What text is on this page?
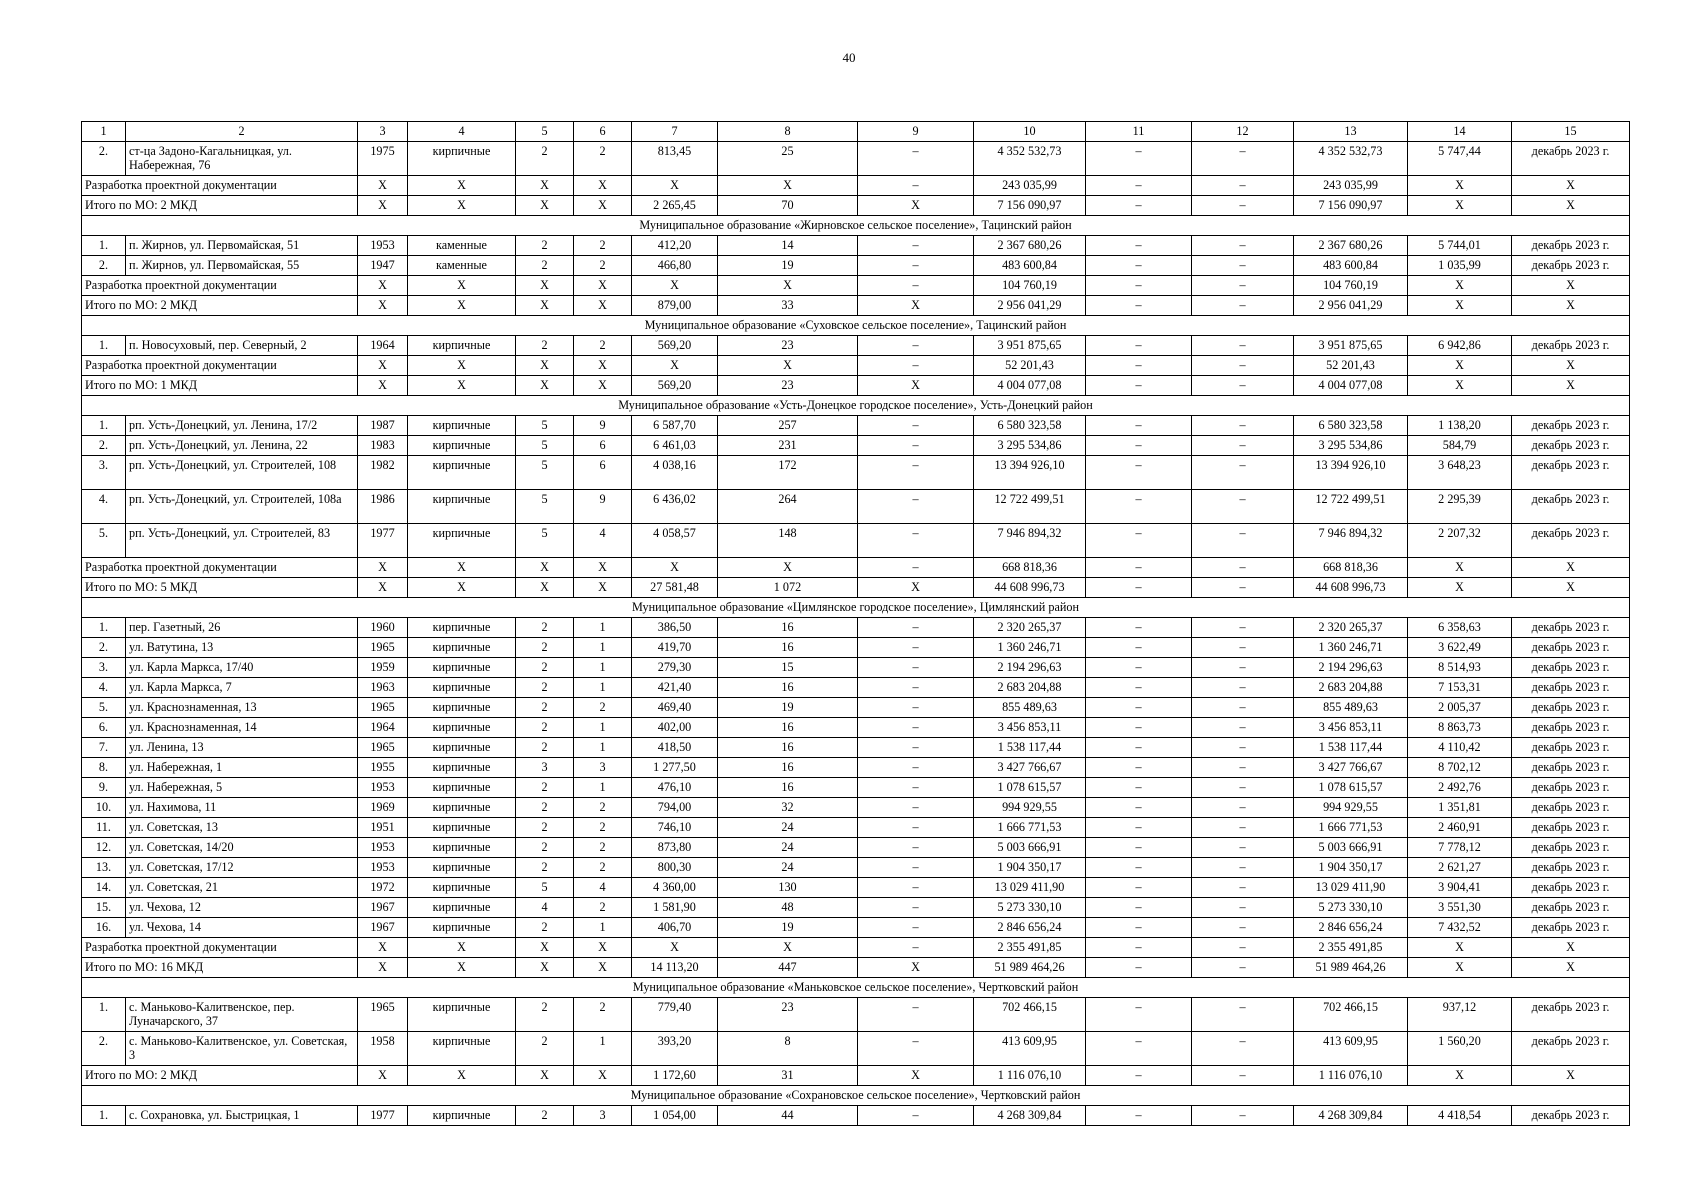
40
1	2	3	4	5	6	7	8	9	10	11	12	13	14	15
2.	ст-ца Задоно-Кагальницкая, ул. Набережная, 76	1975	кирпичные	2	2	813,45	25	–	4 352 532,73	–	–	4 352 532,73	5 747,44	декабрь 2023 г.
Разработка проектной документации		X	X	X	X	X	X	–	243 035,99	–	–	243 035,99	X	X
Итого по МО: 2 МКД		X	X	X	X	2 265,45	70	X	7 156 090,97	–	–	7 156 090,97	X	X
Муниципальное образование «Жирновское сельское поселение», Тацинский район														
1.	п. Жирнов, ул. Первомайская, 51	1953	каменные	2	2	412,20	14	–	2 367 680,26	–	–	2 367 680,26	5 744,01	декабрь 2023 г.
2.	п. Жирнов, ул. Первомайская, 55	1947	каменные	2	2	466,80	19	–	483 600,84	–	–	483 600,84	1 035,99	декабрь 2023 г.
Разработка проектной документации		X	X	X	X	X	X	–	104 760,19	–	–	104 760,19	X	X
Итого по МО: 2 МКД		X	X	X	X	879,00	33	X	2 956 041,29	–	–	2 956 041,29	X	X
Муниципальное образование «Суховское сельское поселение», Тацинский район														
1.	п. Новосуховый, пер. Северный, 2	1964	кирпичные	2	2	569,20	23	–	3 951 875,65	–	–	3 951 875,65	6 942,86	декабрь 2023 г.
Разработка проектной документации		X	X	X	X	X	X	–	52 201,43	–	–	52 201,43	X	X
Итого по МО: 1 МКД		X	X	X	X	569,20	23	X	4 004 077,08	–	–	4 004 077,08	X	X
Муниципальное образование «Усть-Донецкое городское поселение», Усть-Донецкий район														
1.	рп. Усть-Донецкий, ул. Ленина, 17/2	1987	кирпичные	5	9	6 587,70	257	–	6 580 323,58	–	–	6 580 323,58	1 138,20	декабрь 2023 г.
2.	рп. Усть-Донецкий, ул. Ленина, 22	1983	кирпичные	5	6	6 461,03	231	–	3 295 534,86	–	–	3 295 534,86	584,79	декабрь 2023 г.
3.	рп. Усть-Донецкий, ул. Строителей, 108	1982	кирпичные	5	6	4 038,16	172	–	13 394 926,10	–	–	13 394 926,10	3 648,23	декабрь 2023 г.
4.	рп. Усть-Донецкий, ул. Строителей, 108а	1986	кирпичные	5	9	6 436,02	264	–	12 722 499,51	–	–	12 722 499,51	2 295,39	декабрь 2023 г.
5.	рп. Усть-Донецкий, ул. Строителей, 83	1977	кирпичные	5	4	4 058,57	148	–	7 946 894,32	–	–	7 946 894,32	2 207,32	декабрь 2023 г.
Разработка проектной документации		X	X	X	X	X	X	–	668 818,36	–	–	668 818,36	X	X
Итого по МО: 5 МКД		X	X	X	X	27 581,48	1 072	X	44 608 996,73	–	–	44 608 996,73	X	X
Муниципальное образование «Цимлянское городское поселение», Цимлянский район														
1.	пер. Газетный, 26	1960	кирпичные	2	1	386,50	16	–	2 320 265,37	–	–	2 320 265,37	6 358,63	декабрь 2023 г.
2.	ул. Ватутина, 13	1965	кирпичные	2	1	419,70	16	–	1 360 246,71	–	–	1 360 246,71	3 622,49	декабрь 2023 г.
3.	ул. Карла Маркса, 17/40	1959	кирпичные	2	1	279,30	15	–	2 194 296,63	–	–	2 194 296,63	8 514,93	декабрь 2023 г.
4.	ул. Карла Маркса, 7	1963	кирпичные	2	1	421,40	16	–	2 683 204,88	–	–	2 683 204,88	7 153,31	декабрь 2023 г.
5.	ул. Краснознаменная, 13	1965	кирпичные	2	2	469,40	19	–	855 489,63	–	–	855 489,63	2 005,37	декабрь 2023 г.
6.	ул. Краснознаменная, 14	1964	кирпичные	2	1	402,00	16	–	3 456 853,11	–	–	3 456 853,11	8 863,73	декабрь 2023 г.
7.	ул. Ленина, 13	1965	кирпичные	2	1	418,50	16	–	1 538 117,44	–	–	1 538 117,44	4 110,42	декабрь 2023 г.
8.	ул. Набережная, 1	1955	кирпичные	3	3	1 277,50	16	–	3 427 766,67	–	–	3 427 766,67	8 702,12	декабрь 2023 г.
9.	ул. Набережная, 5	1953	кирпичные	2	1	476,10	16	–	1 078 615,57	–	–	1 078 615,57	2 492,76	декабрь 2023 г.
10.	ул. Нахимова, 11	1969	кирпичные	2	2	794,00	32	–	994 929,55	–	–	994 929,55	1 351,81	декабрь 2023 г.
11.	ул. Советская, 13	1951	кирпичные	2	2	746,10	24	–	1 666 771,53	–	–	1 666 771,53	2 460,91	декабрь 2023 г.
12.	ул. Советская, 14/20	1953	кирпичные	2	2	873,80	24	–	5 003 666,91	–	–	5 003 666,91	7 778,12	декабрь 2023 г.
13.	ул. Советская, 17/12	1953	кирпичные	2	2	800,30	24	–	1 904 350,17	–	–	1 904 350,17	2 621,27	декабрь 2023 г.
14.	ул. Советская, 21	1972	кирпичные	5	4	4 360,00	130	–	13 029 411,90	–	–	13 029 411,90	3 904,41	декабрь 2023 г.
15.	ул. Чехова, 12	1967	кирпичные	4	2	1 581,90	48	–	5 273 330,10	–	–	5 273 330,10	3 551,30	декабрь 2023 г.
16.	ул. Чехова, 14	1967	кирпичные	2	1	406,70	19	–	2 846 656,24	–	–	2 846 656,24	7 432,52	декабрь 2023 г.
Разработка проектной документации		X	X	X	X	X	X	–	2 355 491,85	–	–	2 355 491,85	X	X
Итого по МО: 16 МКД		X	X	X	X	14 113,20	447	X	51 989 464,26	–	–	51 989 464,26	X	X
Муниципальное образование «Маньковское сельское поселение», Чертковский район														
1.	с. Маньково-Калитвенское, пер. Луначарского, 37	1965	кирпичные	2	2	779,40	23	–	702 466,15	–	–	702 466,15	937,12	декабрь 2023 г.
2.	с. Маньково-Калитвенское, ул. Советская, 3	1958	кирпичные	2	1	393,20	8	–	413 609,95	–	–	413 609,95	1 560,20	декабрь 2023 г.
Итого по МО: 2 МКД		X	X	X	X	1 172,60	31	X	1 116 076,10	–	–	1 116 076,10	X	X
Муниципальное образование «Сохрановское сельское поселение», Чертковский район														
1.	с. Сохрановка, ул. Быстрицкая, 1	1977	кирпичные	2	3	1 054,00	44	–	4 268 309,84	–	–	4 268 309,84	4 418,54	декабрь 2023 г.
